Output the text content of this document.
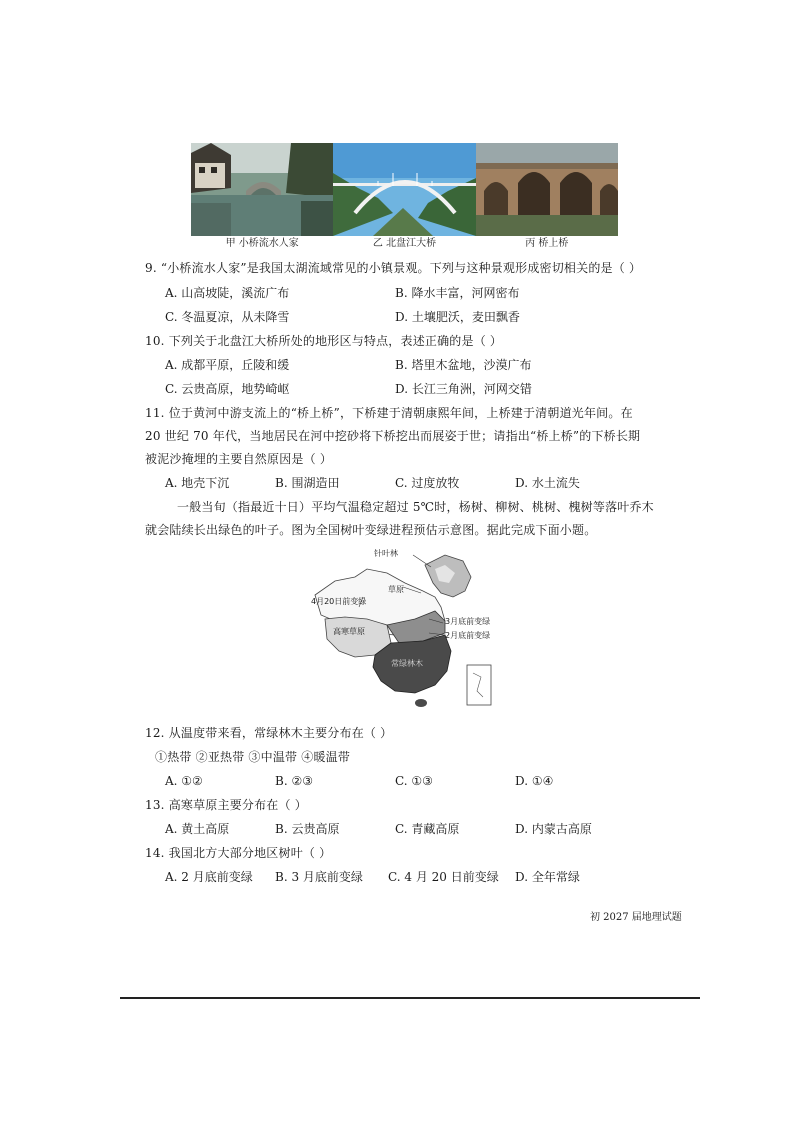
甲 小桥流水人家	乙 北盘江大桥	丙 桥上桥
9. “小桥流水人家”是我国太湖流域常见的小镇景观。下列与这种景观形成密切相关的是（ ）
A. 山高坡陡，溪流广布	B. 降水丰富，河网密布
C. 冬温夏凉，从未降雪	D. 土壤肥沃，麦田飘香
10. 下列关于北盘江大桥所处的地形区与特点，表述正确的是（ ）
A. 成都平原，丘陵和缓	B. 塔里木盆地，沙漠广布
C. 云贵高原，地势崎岖	D. 长江三角洲，河网交错
11. 位于黄河中游支流上的“桥上桥”，下桥建于清朝康熙年间，上桥建于清朝道光年间。在
20 世纪 70 年代，当地居民在河中挖砂将下桥挖出而展姿于世；请指出“桥上桥”的下桥长期
被泥沙掩埋的主要自然原因是（ ）
A. 地壳下沉	B. 围湖造田	C. 过度放牧	D. 水土流失
一般当旬（指最近十日）平均气温稳定超过 5℃时，杨树、柳树、桃树、槐树等落叶乔木
就会陆续长出绿色的叶子。图为全国树叶变绿进程预估示意图。据此完成下面小题。
针叶林
草原
4月20日前变绿
高寒草原
3月底前变绿
2月底前变绿
常绿林木
12. 从温度带来看，常绿林木主要分布在（ ）
①热带 ②亚热带 ③中温带 ④暖温带
A. ①②	B. ②③	C. ①③	D. ①④
13. 高寒草原主要分布在（ ）
A. 黄土高原	B. 云贵高原	C. 青藏高原	D. 内蒙古高原
14. 我国北方大部分地区树叶（ ）
A. 2 月底前变绿 B. 3 月底前变绿 C. 4 月 20 日前变绿 D. 全年常绿
初 2027 届地理试题
